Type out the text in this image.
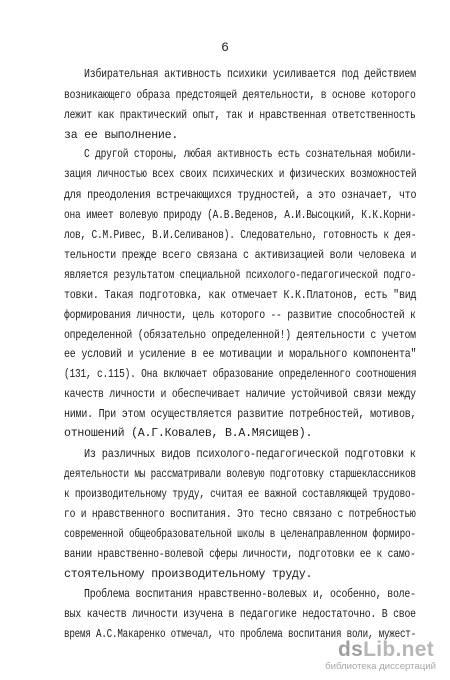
6
Избирательная активность психики усиливается под действием
возникающего образа предстоящей деятельности, в основе которого
лежит как практический опыт, так и нравственная ответственность
за ее выполнение.
С другой стороны, любая активность есть сознательная мобили-
зация личностью всех своих психических и физических возможностей
для преодоления встречающихся трудностей, а это означает, что
она имеет волевую природу (А.В.Веденов, А.И.Высоцкий, К.К.Корни-
лов, С.М.Ривес, В.И.Селиванов). Следовательно, готовность к дея-
тельности прежде всего связана с активизацией воли человека и
является результатом специальной психолого-педагогической подго-
товки. Такая подготовка, как отмечает К.К.Платонов, есть "вид
формирования личности, цель которого -- развитие способностей к
определенной (обязательно определенной!) деятельности с учетом
ее условий и усиление в ее мотивации и морального компонента"
(131, с.115). Она включает образование определенного соотношения
качеств личности и обеспечивает наличие устойчивой связи между
ними. При этом осуществляется развитие потребностей, мотивов,
отношений (А.Г.Ковалев, В.А.Мясищев).
Из различных видов психолого-педагогической подготовки к
деятельности мы рассматривали волевую подготовку старшеклассников
к производительному труду, считая ее важной составляющей трудово-
го и нравственного воспитания. Это тесно связано с потребностью
современной общеобразовательной школы в целенаправленном формиро-
вании нравственно-волевой сферы личности, подготовки ее к само-
стоятельному производительному труду.
Проблема воспитания нравственно-волевых и, особенно, воле-
вых качеств личности изучена в педагогике недостаточно. В свое
время А.С.Макаренко отмечал, что проблема воспитания воли, мужест-
dsLib.net
библиотека диссертаций
